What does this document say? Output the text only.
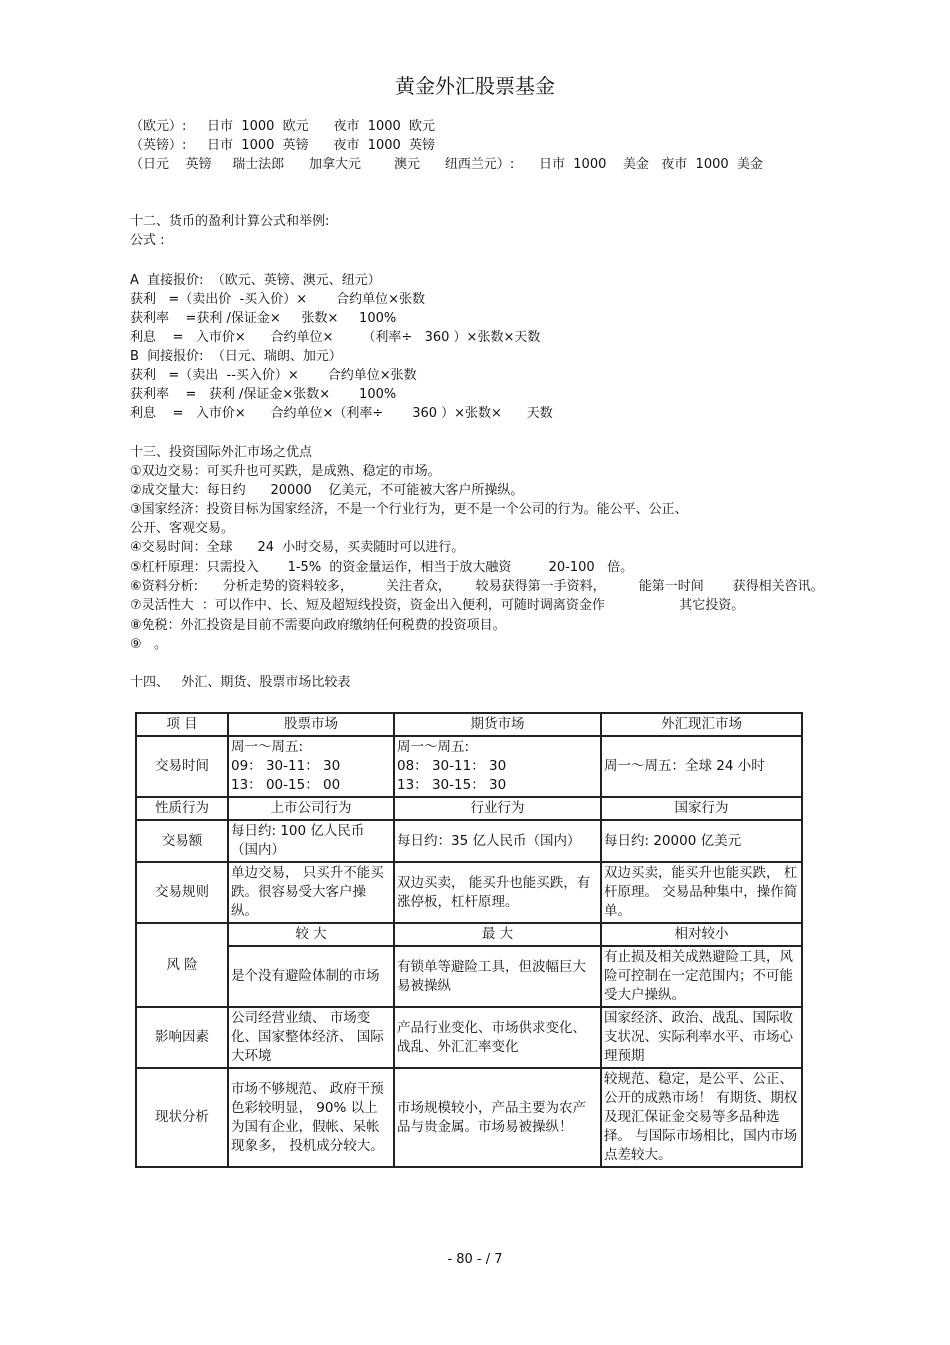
黄金外汇股票基金
（欧元）:     日市  1000  欧元      夜市  1000  欧元
（英镑）:     日市  1000  英镑      夜市  1000  英镑
（日元    英镑     瑞士法郎      加拿大元        澳元      纽西兰元）:      日市  1000    美金   夜市  1000  美金
十二、货币的盈利计算公式和举例:
公式 :
A  直接报价:  （欧元、英镑、澳元、纽元）
获利   =（卖出价  -买入价）×       合约单位×张数
获利率    =获利 /保证金×     张数×     100%
利息    =   入市价×      合约单位×       （利率÷   360 ）×张数×天数
B  间接报价:  （日元、瑞朗、加元）
获利   =（卖出  --买入价）×       合约单位×张数
获利率    =   获利 /保证金×张数×       100%
利息    =   入市价×      合约单位×（利率÷       360 ）×张数×      天数
十三、投资国际外汇市场之优点
①双边交易：可买升也可买跌，是成熟、稳定的市场。
②成交量大：每日约      20000    亿美元，不可能被大客户所操纵。
③国家经济：投资目标为国家经济，不是一个行业行为，更不是一个公司的行为。能公平、公正、
公开、客观交易。
④交易时间：全球      24  小时交易，买卖随时可以进行。
⑤杠杆原理：只需投入       1-5%  的资金量运作，相当于放大融资         20-100   倍。
⑥资料分析:      分析走势的资料较多，        关注者众，      较易获得第一手资料，        能第一时间       获得相关咨讯。
⑦灵活性大  ：可以作中、长、短及超短线投资，资金出入便利，可随时调离资金作                  其它投资。
⑧免税：外汇投资是目前不需要向政府缴纳任何税费的投资项目。
⑨   。
十四、   外汇、期货、股票市场比较表
项 目	股票市场	期货市场	外汇现汇市场
交易时间	周一～周五:
09： 30-11： 30
13： 00-15： 00	周一～周五:
08： 30-11： 30
13： 30-15： 30	周一～周五：全球 24 小时
性质行为	上市公司行为	行业行为	国家行为
交易额	每日约: 100 亿人民币
（国内）	每日约：35 亿人民币（国内）	每日约: 20000 亿美元
交易规则	单边交易， 只买升不能买跌。很容易受大客户操纵。	双边买卖， 能买升也能买跌，有涨停板，杠杆原理。	双边买卖，能买升也能买跌， 杠杆原理。 交易品种集中，操作简单。
风 险	较 大	最 大	相对较小
	是个没有避险体制的市场	有锁单等避险工具，但波幅巨大易被操纵	有止损及相关成熟避险工具，风险可控制在一定范围内；不可能受大户操纵。
影响因素	公司经营业绩、 市场变化、国家整体经济、 国际大环境	产品行业变化、市场供求变化、战乱、外汇汇率变化	国家经济、政治、战乱、国际收支状况、实际利率水平、市场心理预期
现状分析	市场不够规范、 政府干预色彩较明显， 90% 以上为国有企业，假帐、呆帐现象多， 投机成分较大。	市场规模较小，产品主要为农产品与贵金属。市场易被操纵！	较规范、稳定，是公平、公正、公开的成熟市场！ 有期货、期权及现汇保证金交易等多品种选择。 与国际市场相比，国内市场点差较大。
- 80 - / 7
